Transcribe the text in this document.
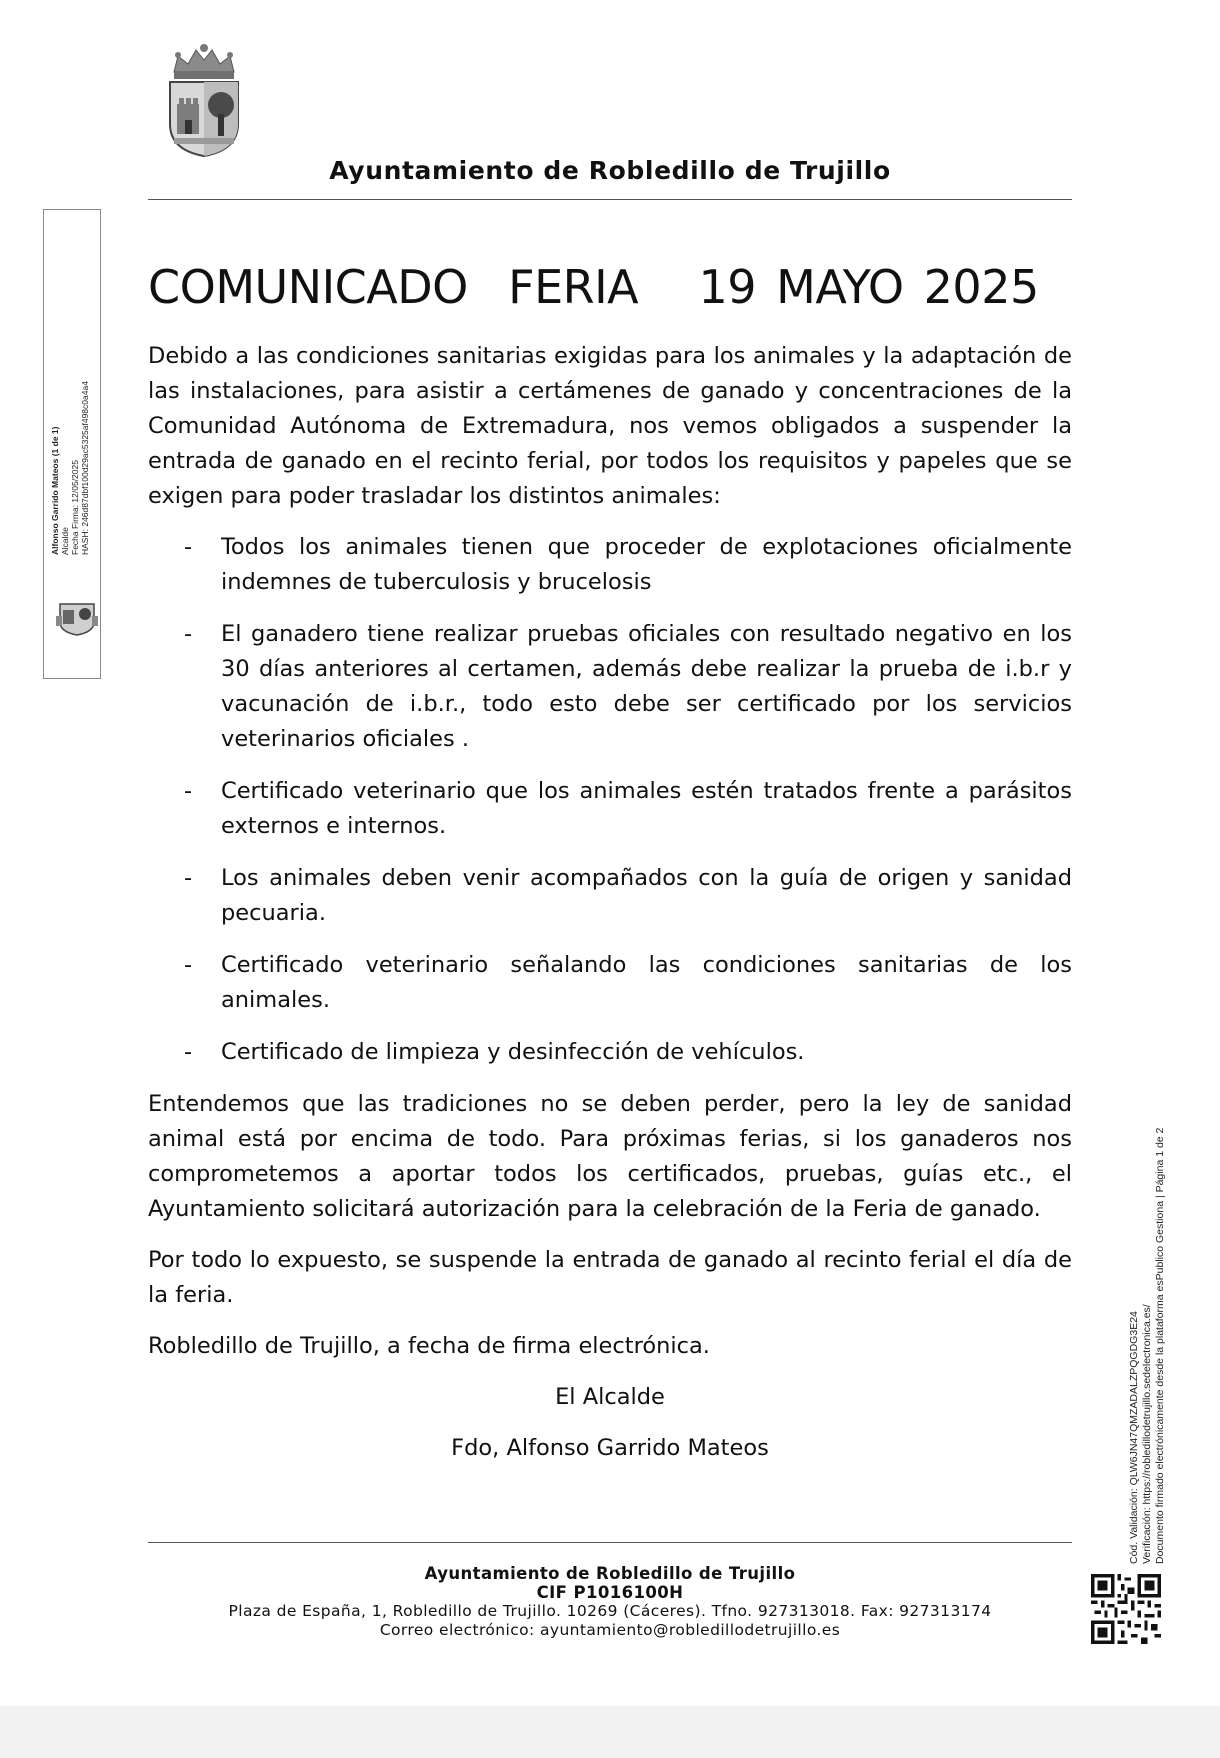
Ayuntamiento de Robledillo de Trujillo
Alfonso Garrido Mateos (1 de 1) Alcalde Fecha Firma: 12/05/2025 HASH: 246d87dbf100d29ac5325af498c0a4a4
COMUNICADO  FERIA   19 MAYO 2025

Debido a las condiciones sanitarias exigidas para los animales y la adaptación de las instalaciones, para asistir a certámenes de ganado y concentraciones de la Comunidad Autónoma de Extremadura, nos vemos obligados a suspender la entrada de ganado en el recinto ferial, por todos los requisitos y papeles que se exigen para poder trasladar los distintos animales:

- Todos los animales tienen que proceder de explotaciones oficialmente indemnes de tuberculosis y brucelosis
- El ganadero tiene realizar pruebas oficiales con resultado negativo en los 30 días anteriores al certamen, además debe realizar la prueba de i.b.r y vacunación de i.b.r., todo esto debe ser certificado por los servicios veterinarios oficiales .
- Certificado veterinario que los animales estén tratados frente a parásitos externos e internos.
- Los animales deben venir acompañados con la guía de origen y sanidad pecuaria.
- Certificado veterinario señalando las condiciones sanitarias de los animales.
- Certificado de limpieza y desinfección de vehículos.

Entendemos que las tradiciones no se deben perder, pero la ley de sanidad animal está por encima de todo. Para próximas ferias, si los ganaderos nos comprometemos a aportar todos los certificados, pruebas, guías etc., el Ayuntamiento solicitará autorización para la celebración de la Feria de ganado.

Por todo lo expuesto, se suspende la entrada de ganado al recinto ferial el día de la feria.

Robledillo de Trujillo, a fecha de firma electrónica.

El Alcalde

Fdo, Alfonso Garrido Mateos

Ayuntamiento de Robledillo de Trujillo
CIF P1016100H
Plaza de España, 1, Robledillo de Trujillo. 10269 (Cáceres). Tfno. 927313018. Fax: 927313174
Correo electrónico: ayuntamiento@robledillodetrujillo.es
Cód. Validación: QLW6JN47QMZADALZPQGDG3E24 Verificación: https://robledillodetrujillo.sedelectronica.es/ Documento firmado electrónicamente desde la plataforma esPublico Gestiona | Página 1 de 2
